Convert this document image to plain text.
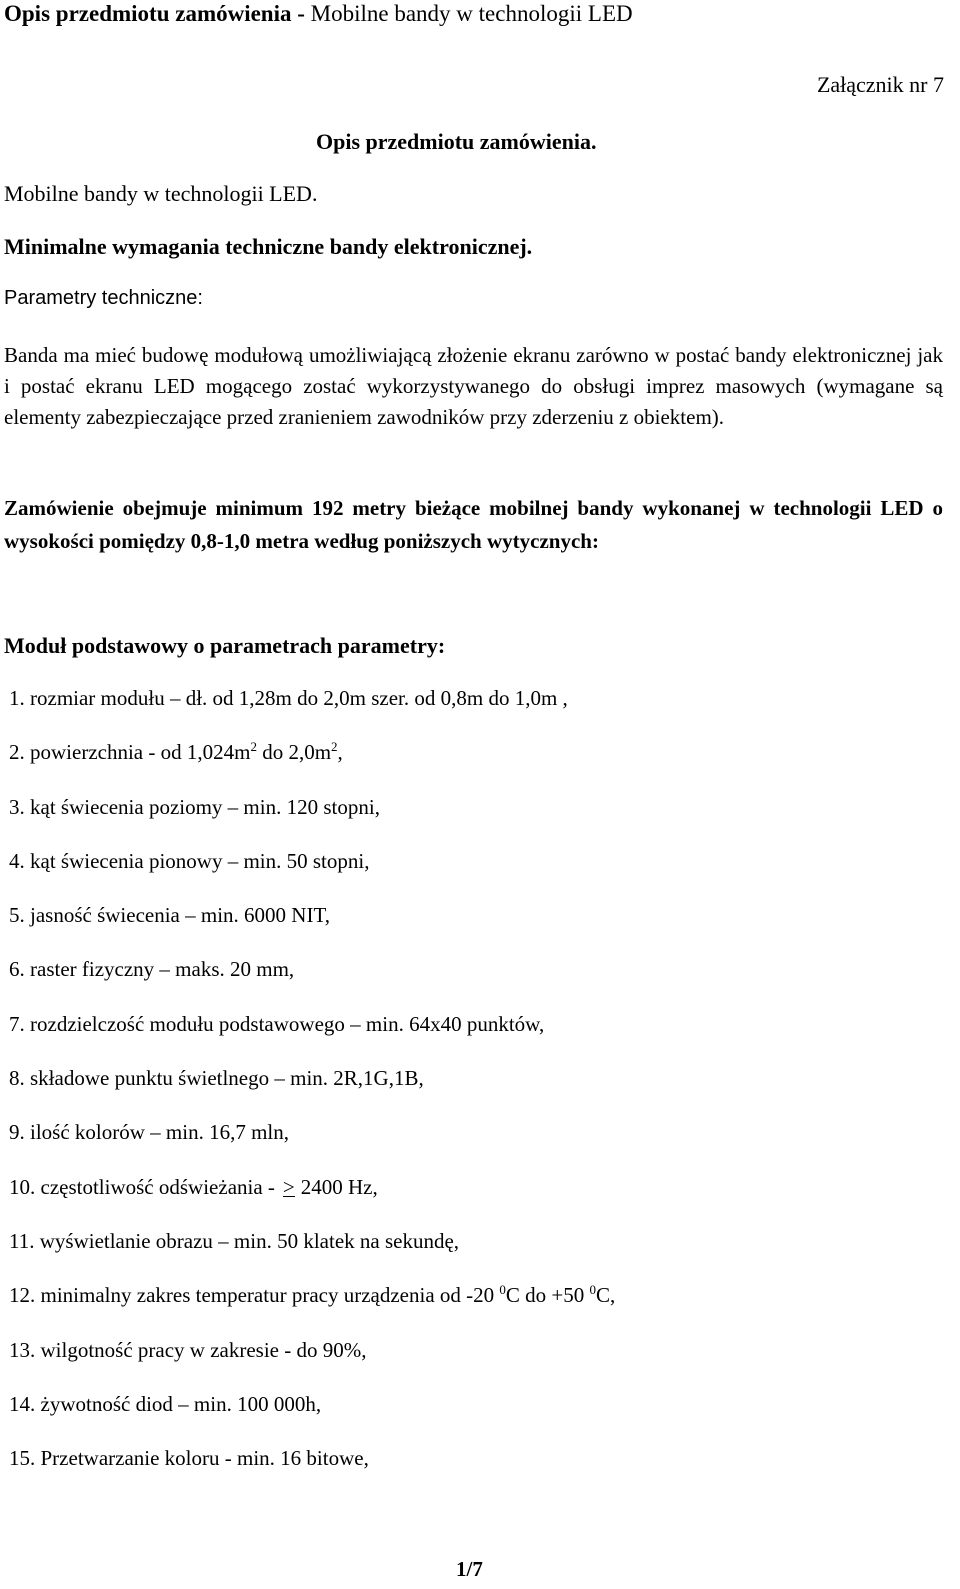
Opis przedmiotu zamówienia - Mobilne bandy w technologii LED
Załącznik nr 7
Opis przedmiotu zamówienia.
Mobilne bandy w technologii LED.
Minimalne wymagania techniczne bandy elektronicznej.
Parametry techniczne:

Banda ma mieć budowę modułową umożliwiającą złożenie ekranu zarówno w postać bandy elektronicznej jak i postać ekranu LED mogącego zostać wykorzystywanego do obsługi imprez masowych (wymagane są elementy zabezpieczające przed zranieniem zawodników przy zderzeniu z obiektem).

Zamówienie obejmuje minimum 192 metry bieżące mobilnej bandy wykonanej w technologii LED o wysokości pomiędzy 0,8-1,0 metra według poniższych wytycznych:

Moduł podstawowy o parametrach parametry:
1. rozmiar modułu – dł. od 1,28m do 2,0m szer. od 0,8m do 1,0m ,
2. powierzchnia - od $1,024m^2$ do $2,0m^2$,
3. kąt świecenia poziomy – min. 120 stopni,
4. kąt świecenia pionowy – min. 50 stopni,
5. jasność świecenia – min. 6000 NIT,
6. raster fizyczny – maks. 20 mm,
7. rozdzielczość modułu podstawowego – min. 64x40 punktów,
8. składowe punktu świetlnego – min. 2R,1G,1B,
9. ilość kolorów – min. 16,7 mln,
10. częstotliwość odświeżania - > 2400 Hz,
11. wyświetlanie obrazu – min. 50 klatek na sekundę,
12. minimalny zakres temperatur pracy urządzenia od -20 $^0$C do +50 $^0$C,
13. wilgotność pracy w zakresie - do 90%,
14. żywotność diod – min. 100 000h,
15. Przetwarzanie koloru - min. 16 bitowe,
1/7
